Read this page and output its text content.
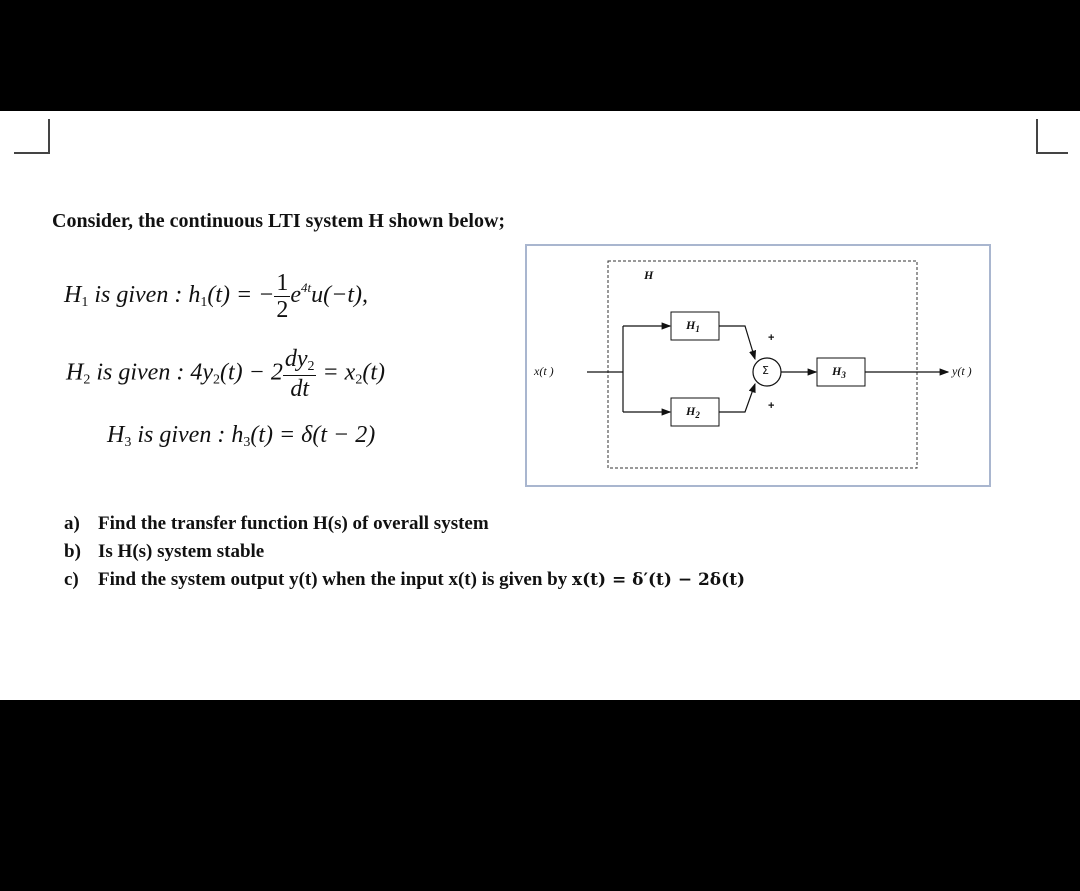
Consider, the continuous LTI system H shown below;
$H_1$ is given : $h_1(t)$ = − $\frac{1}{2} e^{4t}u(-t)$,
$H_2$ is given : $4y_2(t) - 2 \frac{dy_2}{dt} = x_2(t)$
$H_3$ is given : $h_3(t) = \delta(t - 2)$
H
x(t )	y(t )
$H_1$
$H_2$
$H_3$
Σ
+
+
a) Find the transfer function H(s) of overall system
b) Is H(s) system stable
c) Find the system output y(t) when the input x(t) is given by x(t) = δ′(t) − 2δ(t)
